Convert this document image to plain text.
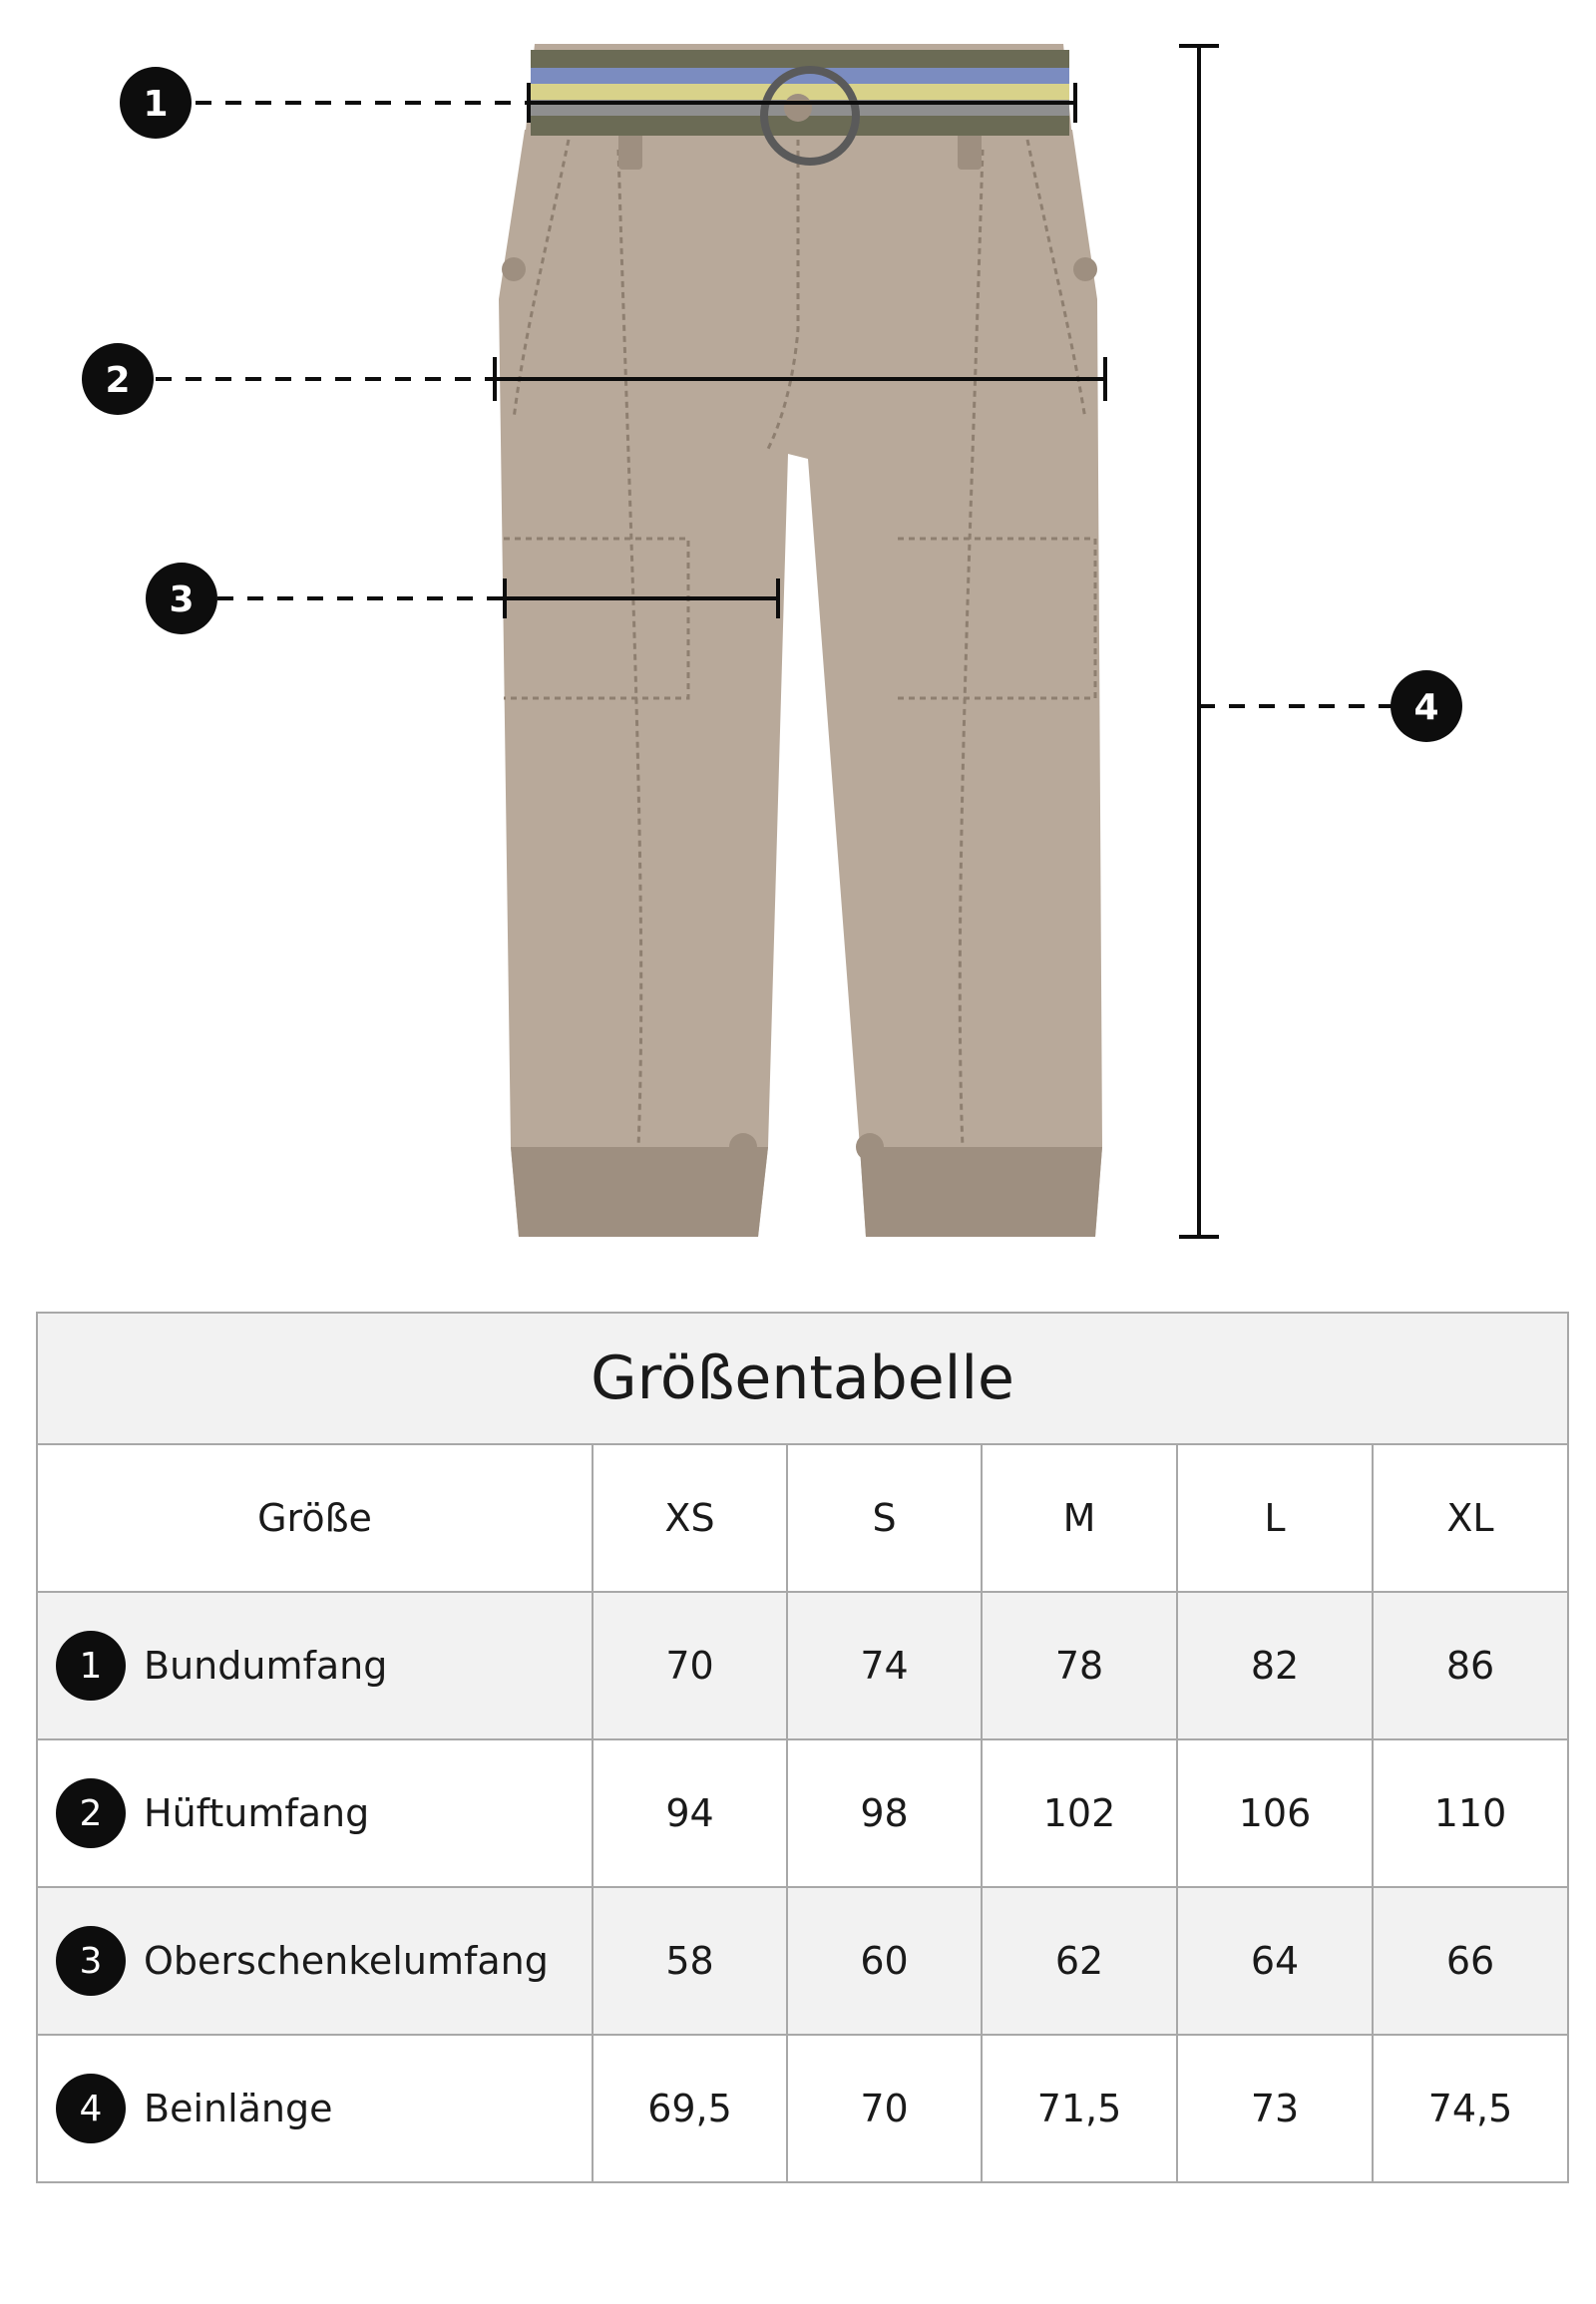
1
2
3
4
Größentabelle					
Größe	XS	S	M	L	XL

1 Bundumfang	70	74	78	82	86

2 Hüftumfang	94	98	102	106	110

3 Oberschenkelumfang	58	60	62	64	66

4 Beinlänge	69,5	70	71,5	73	74,5
